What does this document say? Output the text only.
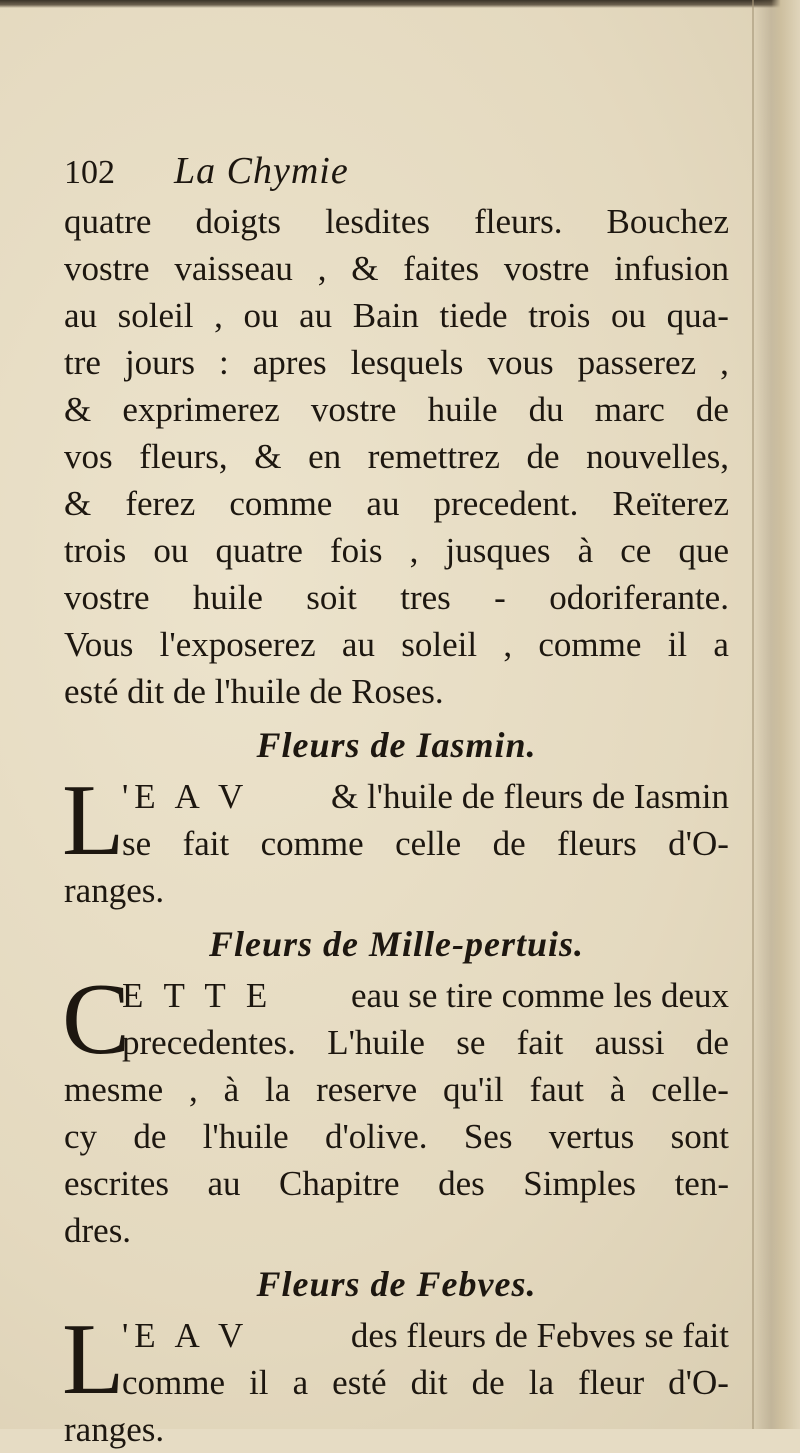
102	La Chymie
quatre doigts lesdites fleurs. Bouchez
vostre vaisseau , & faites vostre infusion
au soleil , ou au Bain tiede trois ou qua-
tre jours : apres lesquels vous passerez ,
& exprimerez vostre huile du marc de
vos fleurs, & en remettrez de nouvelles,
& ferez comme au precedent. Reïterez
trois ou quatre fois , jusques à ce que
vostre huile soit tres - odoriferante.
Vous l'exposerez au soleil , comme il a
esté dit de l'huile de Roses.
Fleurs de Iasmin.
L
'E A V & l'huile de fleurs de Iasmin
se fait comme celle de fleurs d'O-
ranges.
Fleurs de Mille-pertuis.
C
E T T E eau se tire comme les deux
precedentes. L'huile se fait aussi de
mesme , à la reserve qu'il faut à celle-
cy de l'huile d'olive. Ses vertus sont
escrites au Chapitre des Simples ten-
dres.
Fleurs de Febves.
L
'E A V	des fleurs de Febves se fait
comme il a esté dit de la fleur d'O-
ranges.
